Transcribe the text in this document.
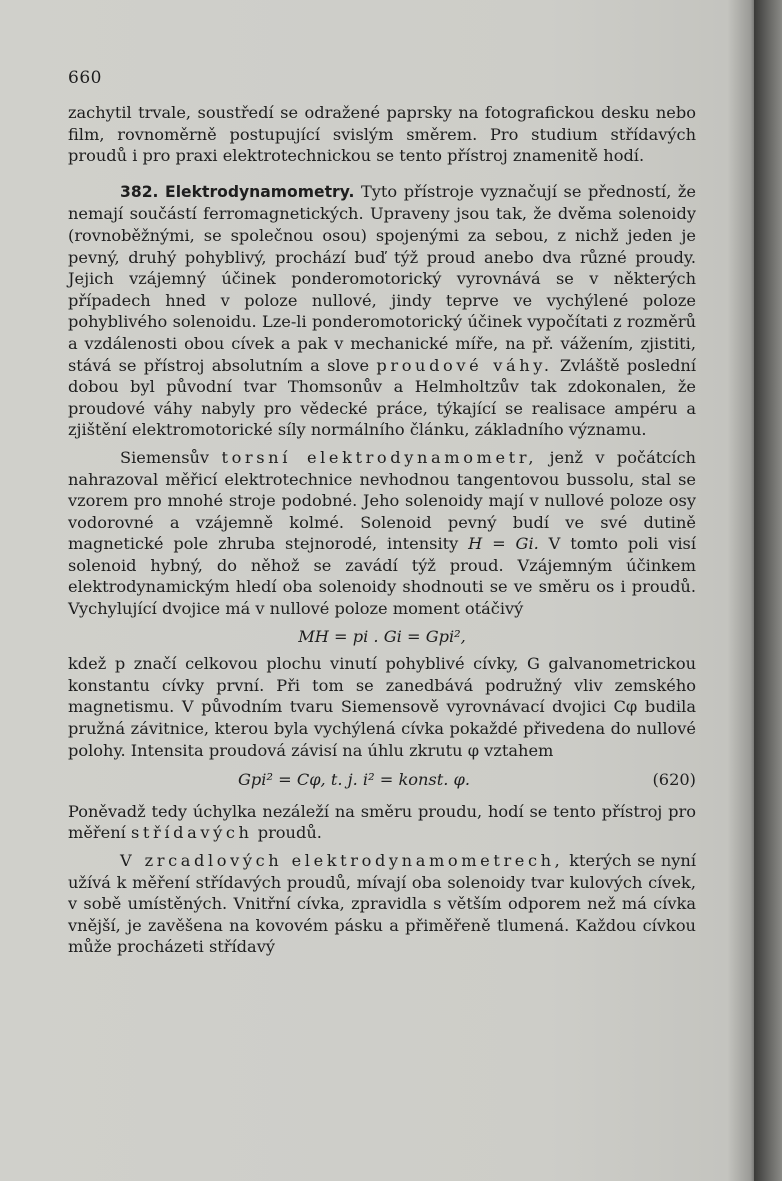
660

zachytil trvale, soustředí se odražené paprsky na fotografickou desku nebo film, rovnoměrně postupující svislým směrem. Pro studium střídavých proudů i pro praxi elektrotechnickou se tento přístroj znamenitě hodí.

382. Elektrodynamometry. Tyto přístroje vyznačují se předností, že nemají součástí ferromagnetických. Upraveny jsou tak, že dvěma solenoidy (rovnoběžnými, se společnou osou) spojenými za sebou, z nichž jeden je pevný, druhý pohyblivý, prochází buď týž proud anebo dva různé proudy. Jejich vzájemný účinek ponderomotorický vyrovnává se v některých případech hned v poloze nullové, jindy teprve ve vychýlené poloze pohyblivého solenoidu. Lze-li ponderomotorický účinek vypočítati z rozměrů a vzdálenosti obou cívek a pak v mechanické míře, na př. vážením, zjistiti, stává se přístroj absolutním a slove proudové váhy. Zvláště poslední dobou byl původní tvar Thomsonův a Helmholtzův tak zdokonalen, že proudové váhy nabyly pro vědecké práce, týkající se realisace ampéru a zjištění elektromotorické síly normálního článku, základního významu.

Siemensův torsní elektrodynamometr, jenž v počátcích nahrazoval měřicí elektrotechnice nevhodnou tangentovou bussolu, stal se vzorem pro mnohé stroje podobné. Jeho solenoidy mají v nullové poloze osy vodorovné a vzájemně kolmé. Solenoid pevný budí ve své dutině magnetické pole zhruba stejnorodé, intensity H = Gi. V tomto poli visí solenoid hybný, do něhož se zavádí týž proud. Vzájemným účinkem elektrodynamickým hledí oba solenoidy shodnouti se ve směru os i proudů. Vychylující dvojice má v nullové poloze moment otáčivý

MH = pi . Gi = Gpi²,

kdež p značí celkovou plochu vinutí pohyblivé cívky, G galvanometrickou konstantu cívky první. Při tom se zanedbává podružný vliv zemského magnetismu. V původním tvaru Siemensově vyrovnávací dvojici Cφ budila pružná závitnice, kterou byla vychýlená cívka pokaždé přivedena do nullové polohy. Intensita proudová závisí na úhlu zkrutu φ vztahem

Gpi² = Cφ, t. j. i² = konst. φ.	(620)

Poněvadž tedy úchylka nezáleží na směru proudu, hodí se tento přístroj pro měření střídavých proudů.

V zrcadlových elektrodynamometrech, kterých se nyní užívá k měření střídavých proudů, mívají oba solenoidy tvar kulových cívek, v sobě umístěných. Vnitřní cívka, zpravidla s větším odporem než má cívka vnější, je zavěšena na kovovém pásku a přiměřeně tlumená. Každou cívkou může procházeti střídavý
